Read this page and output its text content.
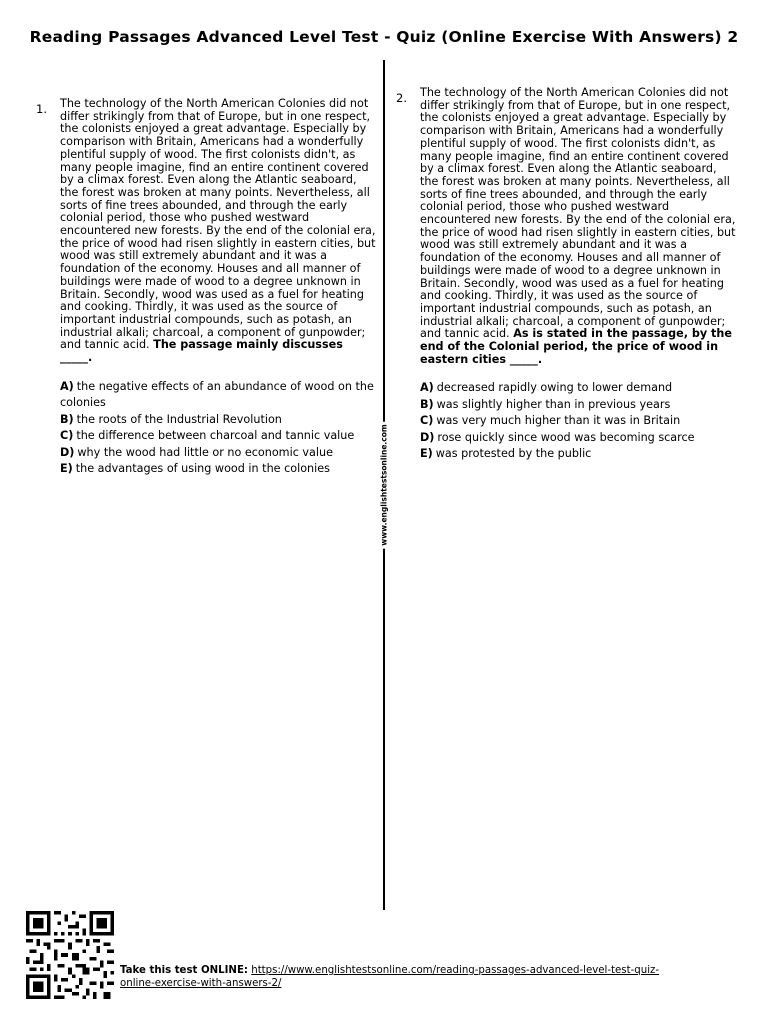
Reading Passages Advanced Level Test - Quiz (Online Exercise With Answers) 2
www.englishtestsonline.com
1. The technology of the North American Colonies did not differ strikingly from that of Europe, but in one respect, the colonists enjoyed a great advantage. Especially by comparison with Britain, Americans had a wonderfully plentiful supply of wood. The first colonists didn't, as many people imagine, find an entire continent covered by a climax forest. Even along the Atlantic seaboard, the forest was broken at many points. Nevertheless, all sorts of fine trees abounded, and through the early colonial period, those who pushed westward encountered new forests. By the end of the colonial era, the price of wood had risen slightly in eastern cities, but wood was still extremely abundant and it was a foundation of the economy. Houses and all manner of buildings were made of wood to a degree unknown in Britain. Secondly, wood was used as a fuel for heating and cooking. Thirdly, it was used as the source of important industrial compounds, such as potash, an industrial alkali; charcoal, a component of gunpowder; and tannic acid. The passage mainly discusses _____.

A) the negative effects of an abundance of wood on the colonies
B) the roots of the Industrial Revolution
C) the difference between charcoal and tannic value
D) why the wood had little or no economic value
E) the advantages of using wood in the colonies
2. The technology of the North American Colonies did not differ strikingly from that of Europe, but in one respect, the colonists enjoyed a great advantage. Especially by comparison with Britain, Americans had a wonderfully plentiful supply of wood. The first colonists didn't, as many people imagine, find an entire continent covered by a climax forest. Even along the Atlantic seaboard, the forest was broken at many points. Nevertheless, all sorts of fine trees abounded, and through the early colonial period, those who pushed westward encountered new forests. By the end of the colonial era, the price of wood had risen slightly in eastern cities, but wood was still extremely abundant and it was a foundation of the economy. Houses and all manner of buildings were made of wood to a degree unknown in Britain. Secondly, wood was used as a fuel for heating and cooking. Thirdly, it was used as the source of important industrial compounds, such as potash, an industrial alkali; charcoal, a component of gunpowder; and tannic acid. As is stated in the passage, by the end of the Colonial period, the price of wood in eastern cities _____.

A) decreased rapidly owing to lower demand
B) was slightly higher than in previous years
C) was very much higher than it was in Britain
D) rose quickly since wood was becoming scarce
E) was protested by the public
Take this test ONLINE: https://www.englishtestsonline.com/reading-passages-advanced-level-test-quiz-online-exercise-with-answers-2/
